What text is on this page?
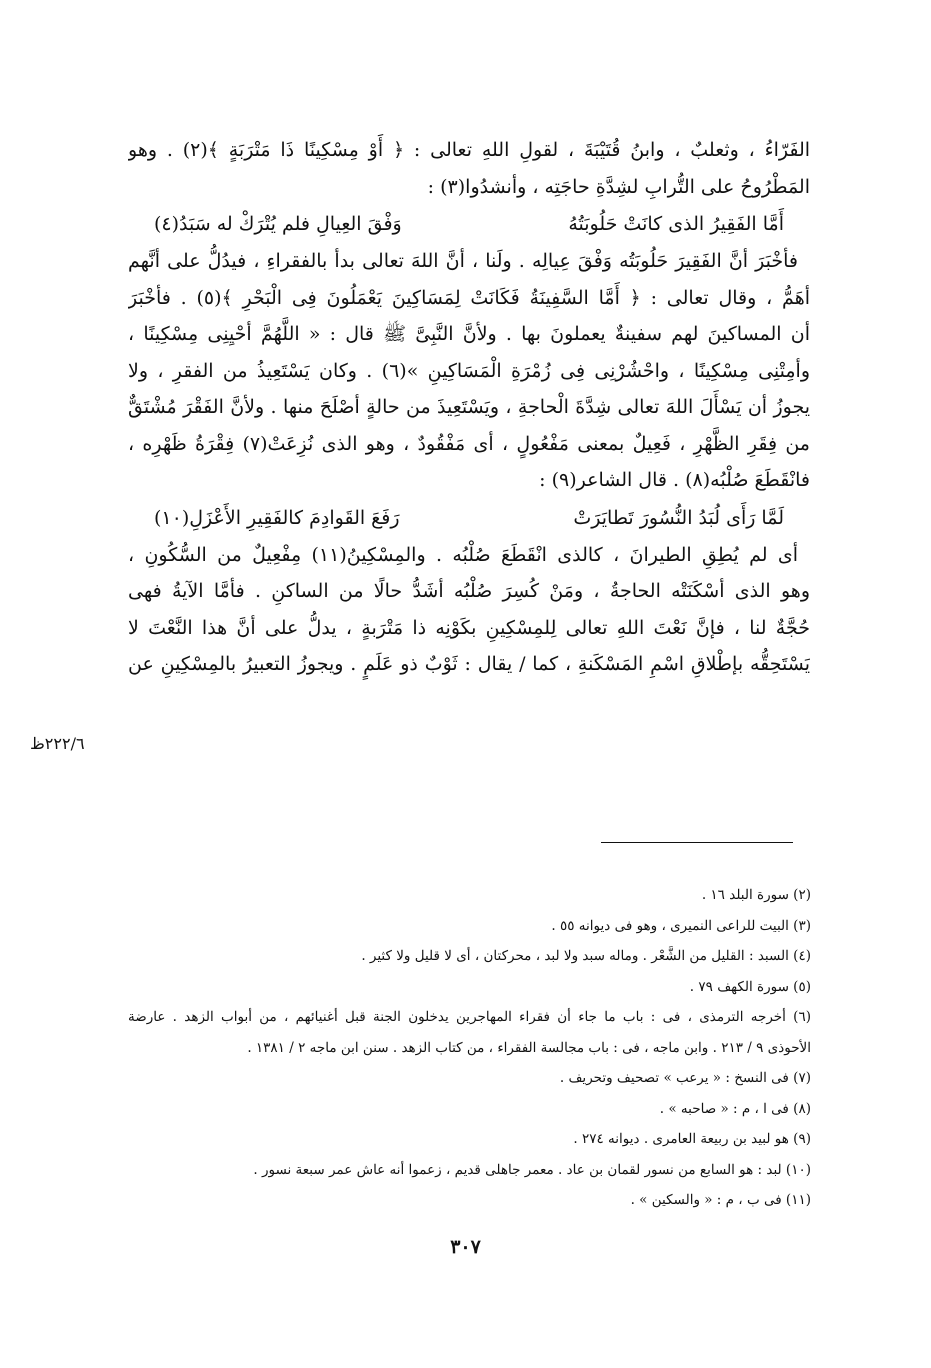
الفَرّاءُ ، وثعلبٌ ، وابنُ قُتَيْبَةَ ، لقولِ اللهِ تعالى : ﴿ أَوْ مِسْكِينًا ذَا مَتْرَبَةٍ ﴾(٢) . وهو
المَطْرُوحُ على التُّرابِ لشِدَّةِ حاجَتِه ، وأنشدُوا(٣) :
أَمَّا الفَقِيرُ الذى كانَتْ حَلُوبَتُهُ
وَفْقَ العِيالِ فلم يُتْرَكْ له سَبَدُ(٤)
فأخْبَرَ أنَّ الفَقِيرَ حَلُوبَتُه وَفْقَ عِيالِه . ولَنا ، أنَّ اللهَ تعالى بدأ بالفقراءِ ، فيدُلُّ على أنَّهم
أهَمُّ ، وقال تعالى : ﴿ أَمَّا السَّفِينَةُ فَكَانَتْ لِمَسَاكِينَ يَعْمَلُونَ فِى الْبَحْرِ ﴾(٥) . فأخْبَرَ
أن المساكينَ لهم سفينةٌ يعملونَ بها . ولأنَّ النَّبِىَّ ﷺ قال : « اللَّهُمَّ أحْيِنِى مِسْكِينًا ،
وأمِتْنِى مِسْكِينًا ، واحْشُرْنِى فِى زُمْرَةِ الْمَسَاكِينِ »(٦) . وكان يَسْتَعِيذُ من الفقرِ ، ولا
يجوزُ أن يَسْأَلَ اللهَ تعالى شِدَّةَ الْحاجةِ ، ويَسْتَعِيذَ من حالةٍ أصْلَحَ منها . ولأنَّ الفَقْرَ مُشْتَقٌّ
من فِقَرِ الظَّهْرِ ، فَعِيلٌ بمعنى مَفْعُولٍ ، أى مَفْقُودٌ ، وهو الذى نُزِعَتْ(٧) فِقْرَةُ ظَهْرِه ،
فانْقَطَعَ صُلْبُه(٨) . قال الشاعر(٩) :
لَمَّا رَأَى لُبَدُ النُّسُورَ تَطايَرَتْ
رَفَعَ القَوادِمَ كالفَقِيرِ الأَعْزَلِ(١٠)
أى لم يُطِقِ الطيرانَ ، كالذى انْقَطَعَ صُلْبُه . والمِسْكِينُ(١١) مِفْعِيلٌ من السُّكُونِ ،
وهو الذى أسْكَنَتْه الحاجةُ ، ومَنْ كُسِرَ صُلْبُه أشَدُّ حالًا من الساكنِ . فأمَّا الآيةُ فهى
حُجَّةٌ لنا ، فإنَّ نَعْتَ اللهِ تعالى لِلمِسْكِينِ بكَوْنِه ذا مَتْرَبةٍ ، يدلُّ على أنَّ هذا النَّعْتَ لا
يَسْتَحِقُّه بإطْلاقِ اسْمِ المَسْكَنةِ ، كما / يقال : ثَوْبٌ ذو عَلَمٍ . ويجوزُ التعبيرُ بالمِسْكِينِ عن
٢٢٢/٦ظ
(٢) سورة البلد ١٦ .
(٣) البيت للراعى النميرى ، وهو فى ديوانه ٥٥ .
(٤) السبد : القليل من الشَّعْر . وماله سبد ولا لبد ، محركتان ، أى لا قليل ولا كثير .
(٥) سورة الكهف ٧٩ .
(٦) أخرجه الترمذى ، فى : باب ما جاء أن فقراء المهاجرين يدخلون الجنة قبل أغنيائهم ، من أبواب الزهد . عارضة
الأحوذى ٩ / ٢١٣ . وابن ماجه ، فى : باب مجالسة الفقراء ، من كتاب الزهد . سنن ابن ماجه ٢ / ١٣٨١ .
(٧) فى النسخ : « يرعب » تصحيف وتحريف .
(٨) فى ا ، م : « صاحبه » .
(٩) هو لبيد بن ربيعة العامرى . ديوانه ٢٧٤ .
(١٠) لبد : هو السابع من نسور لقمان بن عاد . معمر جاهلى قديم ، زعموا أنه عاش عمر سبعة نسور .
(١١) فى ب ، م : « والسكين » .
٣٠٧
